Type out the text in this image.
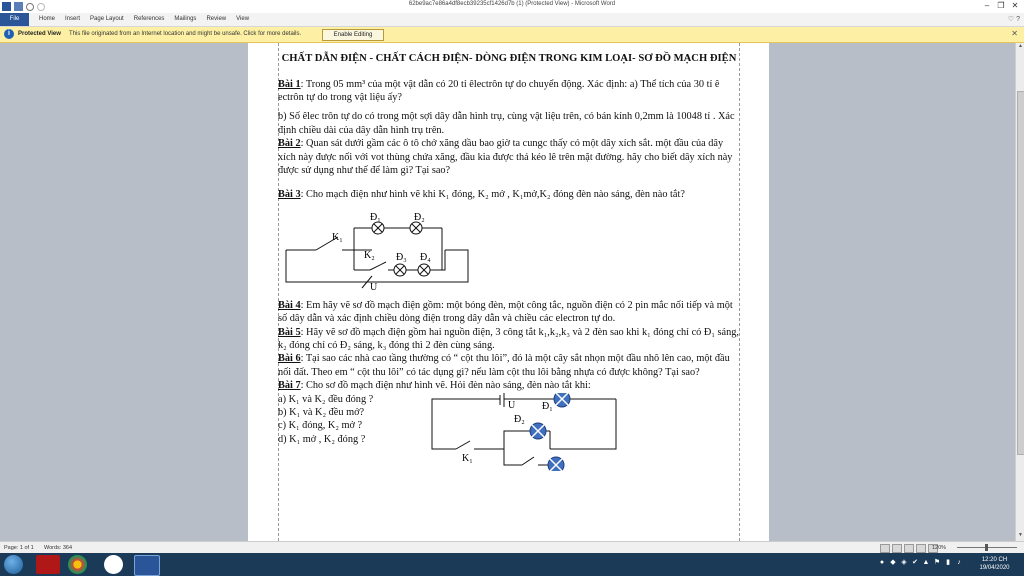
62be9ac7e86a4df8ecb39235cf1426d7b (1) (Protected View) - Microsoft Word	–	❐ ✕
File	Home	Insert	Page Layout	References	Mailings	Review	View	♡ ?
i	Protected View This file originated from an Internet location and might be unsafe. Click for more details.	Enable Editing	✕

CHẤT DẪN ĐIỆN - CHẤT CÁCH ĐIỆN- DÒNG ĐIỆN TRONG KIM LOẠI- SƠ ĐỒ MẠCH ĐIỆN

Bài 1: Trong 05 mm³ của một vật dẫn có 20 tỉ êlectrôn tự do chuyển động. Xác định: a) Thể tích của 30 tỉ ê ectrôn tự do trong vật liệu ấy?

b) Số êlec trôn tự do có trong một sợi dây dẫn hình trụ, cùng vật liệu trên, có bán kính 0,2mm là 10048 tỉ . Xác định chiều dài của dây dẫn hình trụ trên.

Bài 2: Quan sát dưới gầm các ô tô chở xăng dầu bao giờ ta cungc thấy có một dây xích sắt. một đầu của dây xích này được nối với vot thùng chứa xăng, đầu kia được thả kéo lê trên mặt đường. hãy cho biết dây xích này được sử dụng như thế để làm gì? Tại sao?

Bài 3: Cho mạch điện như hình vẽ khi K₁ đóng, K₂ mở , K₁mở,K₂ đóng đèn nào sáng, đèn nào tắt?

K₁
Đ₁	Đ₂
K₂ Đ₃ Đ₄
U

Bài 4: Em hãy vẽ sơ đồ mạch điện gồm: một bóng đèn, một công tắc, nguồn điện có 2 pin mắc nối tiếp và một số dây dẫn và xác định chiều dòng điện trong dây dẫn và chiều các electron tự do.

Bài 5: Hãy vẽ sơ đồ mạch điện gồm hai nguồn điện, 3 công tắt k₁,k₂,k₃ và 2 đèn sao khi k₁ đóng chỉ có Đ₁ sáng, k₂ đóng chỉ có Đ₂ sáng, k₃ đóng thì 2 đèn cùng sáng.

Bài 6: Tại sao các nhà cao tầng thường có “ cột thu lôi”, đó là một cây sắt nhọn một đầu nhô lên cao, một đầu nối đất. Theo em “ cột thu lôi” có tác dụng gì? nếu làm cột thu lôi bằng nhựa có được không? Tại sao?

Bài 7: Cho sơ đồ mạch điện như hình vẽ. Hỏi đèn nào sáng, đèn nào tắt khi:

a) K₁ và K₂ đều đóng ?

b) K₁ và K₂ đều mở?

c) K₁ đóng, K₂ mở ?

d) K₁ mở , K₂ đóng ?

U	Đ₁
Đ₂
K₁
▲
▼
Page: 1 of 1 Words: 364	120%
● ◆ ◈ ✔ ▲ ⚑ ▮	♪	12:20 CH
19/04/2020
